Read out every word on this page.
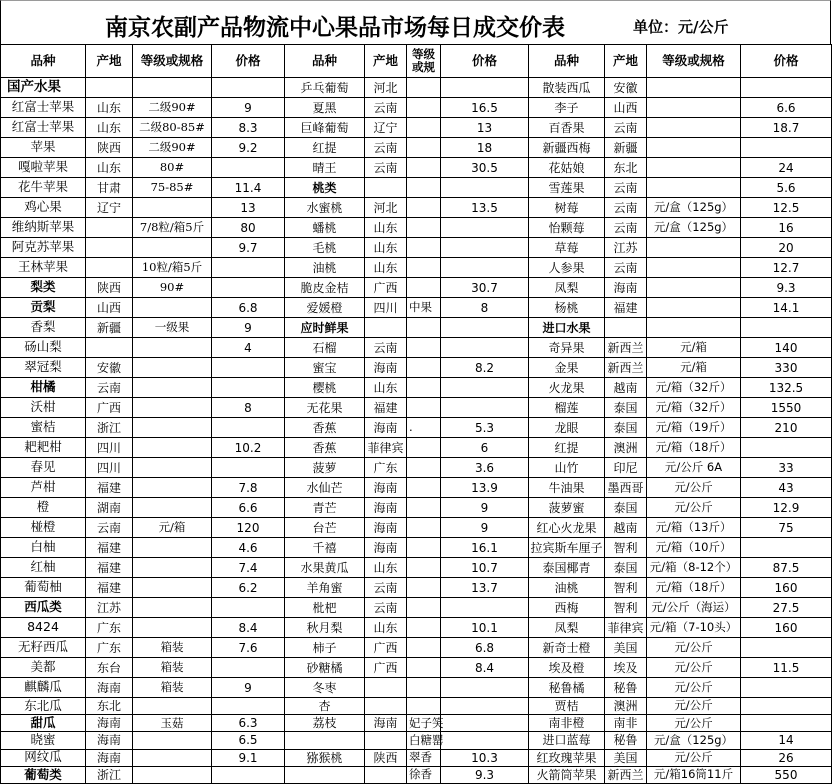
南京农副产品物流中心果品市场每日成交价表	单位：元/公斤
品种	产地	等级或规格	价格	品种	产地	等级或规	价格	品种	产地	等级或规格	价格
国产水果				乒乓葡萄	河北			散装西瓜	安徽		
红富士苹果	山东	二级90#	9	夏黑	云南		16.5	李子	山西		6.6
红富士苹果	山东	二级80-85#	8.3	巨峰葡萄	辽宁		13	百香果	云南		18.7
苹果	陕西	二级90#	9.2	红提	云南		18	新疆西梅	新疆		
嘎啦苹果	山东	80#		晴王	云南		30.5	花姑娘	东北		24
花牛苹果	甘肃	75-85#	11.4	桃类				雪莲果	云南		5.6
鸡心果	辽宁		13	水蜜桃	河北		13.5	树莓	云南	元/盒（125g）	12.5
维纳斯苹果		7/8粒/箱5斤	80	蟠桃	山东			怡颗莓	云南	元/盒（125g）	16
阿克苏苹果			9.7	毛桃	山东			草莓	江苏		20
王林苹果		10粒/箱5斤		油桃	山东			人参果	云南		12.7
梨类	陕西	90#		脆皮金桔	广西		30.7	凤梨	海南		9.3
贡梨	山西		6.8	爱媛橙	四川	中果	8	杨桃	福建		14.1
香梨	新疆	一级果	9	应时鲜果				进口水果			
砀山梨			4	石榴	云南			奇异果	新西兰	元/箱	140
翠冠梨	安徽			蜜宝	海南		8.2	金果	新西兰	元/箱	330
柑橘	云南			樱桃	山东			火龙果	越南	元/箱（32斤）	132.5
沃柑	广西		8	无花果	福建			榴莲	泰国	元/箱（32斤）	1550
蜜桔	浙江			香蕉	海南	.	5.3	龙眼	泰国	元/箱（19斤）	210
耙耙柑	四川		10.2	香蕉	菲律宾		6	红提	澳洲	元/箱（18斤）	
春见	四川			菠萝	广东		3.6	山竹	印尼	元/公斤 6A	33
芦柑	福建		7.8	水仙芒	海南		13.9	牛油果	墨西哥	元/公斤	43
橙	湖南		6.6	青芒	海南		9	菠萝蜜	泰国	元/公斤	12.9
椪橙	云南	元/箱	120	台芒	海南		9	红心火龙果	越南	元/箱（13斤）	75
白柚	福建		4.6	千禧	海南		16.1	拉宾斯车厘子	智利	元/箱（10斤）	
红柚	福建		7.4	水果黄瓜	山东		10.7	泰国椰青	泰国	元/箱（8-12个）	87.5
葡萄柚	福建		6.2	羊角蜜	云南		13.7	油桃	智利	元/箱（18斤）	160
西瓜类	江苏			枇杷	云南			西梅	智利	元/公斤（海运）	27.5
8424	广东		8.4	秋月梨	山东		10.1	凤梨	菲律宾	元/箱（7-10头）	160
无籽西瓜	广东	箱装	7.6	柿子	广西		6.8	新奇士橙	美国	元/公斤	
美都	东台	箱装		砂糖橘	广西		8.4	埃及橙	埃及	元/公斤	11.5
麒麟瓜	海南	箱装	9	冬枣				秘鲁橘	秘鲁	元/公斤	
东北瓜	东北			杏				贾桔	澳洲	元/公斤	
甜瓜	海南	玉菇	6.3	荔枝	海南	妃子笑		南非橙	南非	元/公斤	
晓蜜	海南		6.5			白糖罂		进口蓝莓	秘鲁	元/盒（125g）	14
网纹瓜	海南		9.1	猕猴桃	陕西	翠香	10.3	红玫瑰苹果	美国	元/公斤	26
葡萄类	浙江					徐香	9.3	火箭筒苹果	新西兰	元/箱16筒11斤	550
